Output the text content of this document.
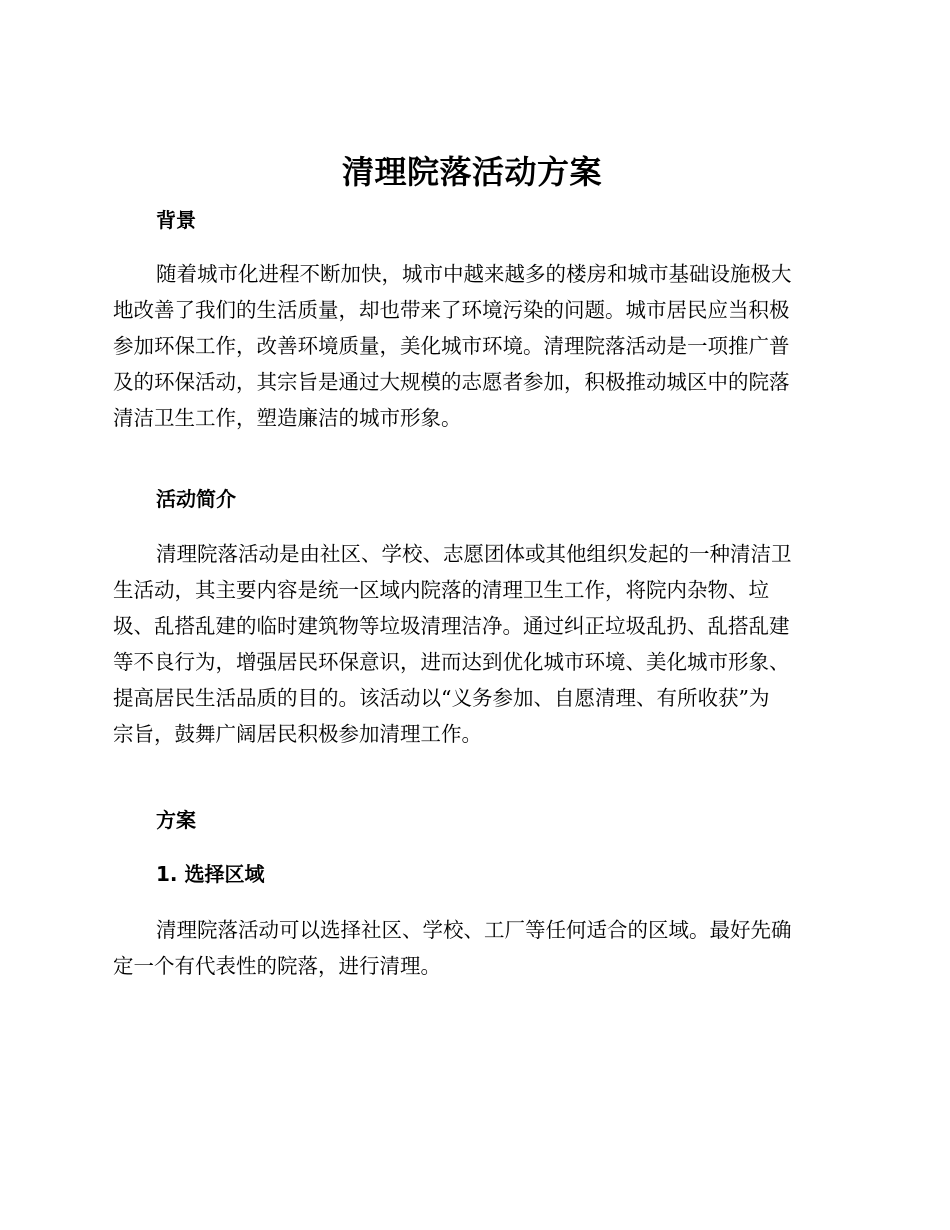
清理院落活动方案
背景
随着城市化进程不断加快，城市中越来越多的楼房和城市基础设施极大
地改善了我们的生活质量，却也带来了环境污染的问题。城市居民应当积极
参加环保工作，改善环境质量，美化城市环境。清理院落活动是一项推广普
及的环保活动，其宗旨是通过大规模的志愿者参加，积极推动城区中的院落
清洁卫生工作，塑造廉洁的城市形象。
活动简介
清理院落活动是由社区、学校、志愿团体或其他组织发起的一种清洁卫
生活动，其主要内容是统一区域内院落的清理卫生工作，将院内杂物、垃
圾、乱搭乱建的临时建筑物等垃圾清理洁净。通过纠正垃圾乱扔、乱搭乱建
等不良行为，增强居民环保意识，进而达到优化城市环境、美化城市形象、
提高居民生活品质的目的。该活动以“义务参加、自愿清理、有所收获”为
宗旨，鼓舞广阔居民积极参加清理工作。
方案
1. 选择区域
清理院落活动可以选择社区、学校、工厂等任何适合的区域。最好先确
定一个有代表性的院落，进行清理。
